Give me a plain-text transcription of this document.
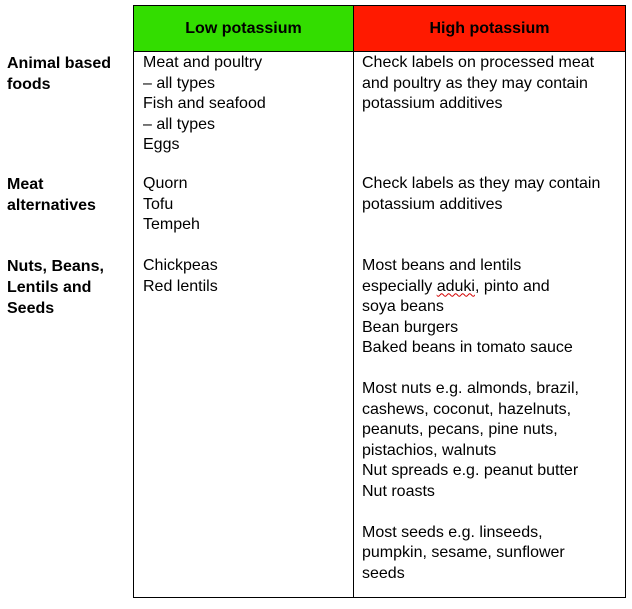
Low potassium	High potassium
Animal based
foods
Meat and poultry
– all types
Fish and seafood
– all types
Eggs
Check labels on processed meat
and poultry as they may contain
potassium additives
Meat
alternatives
Quorn
Tofu
Tempeh
Check labels as they may contain
potassium additives
Nuts, Beans,
Lentils and
Seeds
Chickpeas
Red lentils
Most beans and lentils
especially aduki, pinto and
soya beans
Bean burgers
Baked beans in tomato sauce
Most nuts e.g. almonds, brazil,
cashews, coconut, hazelnuts,
peanuts, pecans, pine nuts,
pistachios, walnuts
Nut spreads e.g. peanut butter
Nut roasts
Most seeds e.g. linseeds,
pumpkin, sesame, sunflower
seeds
